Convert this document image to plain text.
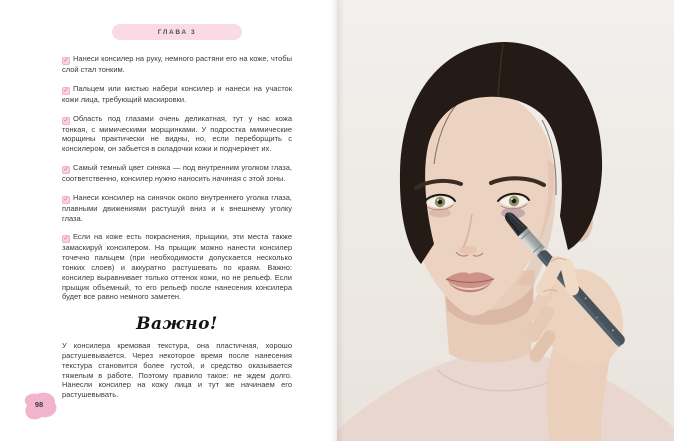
ГЛАВА 3

✓ Нанеси консилер на руку, немного растяни его на коже, чтобы слой стал тонким.

✓ Пальцем или кистью набери консилер и нанеси на участок кожи лица, требующий маскировки.

✓ Область под глазами очень деликатная, тут у нас кожа тонкая, с мимическими морщинками. У подростка мимические морщины практически не видны, но, если переборщить с консилером, он забьется в складочки кожи и подчеркнет их.

✓ Самый темный цвет синяка — под внутренним уголком глаза, соответственно, консилер нужно наносить начиная с этой зоны.

✓ Нанеси консилер на синячок около внутреннего уголка глаза, плавными движениями растушуй вниз и к внешнему уголку глаза.

✓ Если на коже есть покраснения, прыщики, эти места также замаскируй консилером. На прыщик можно нанести консилер точечно пальцем (при необходимости допускается несколько тонких слоев) и аккуратно растушевать по краям. Важно: консилер выравнивает только оттенок кожи, но не рельеф. Если прыщик объемный, то его рельеф после нанесения консилера будет все равно немного заметен.

Важно!

У консилера кремовая текстура, она пластичная, хорошо растушевывается. Через некоторое время после нанесения текстура становится более густой, и средство оказывается тяжелым в работе. Поэтому правило такое: не ждем долго. Нанесли консилер на кожу лица и тут же начинаем его растушевывать.

98
